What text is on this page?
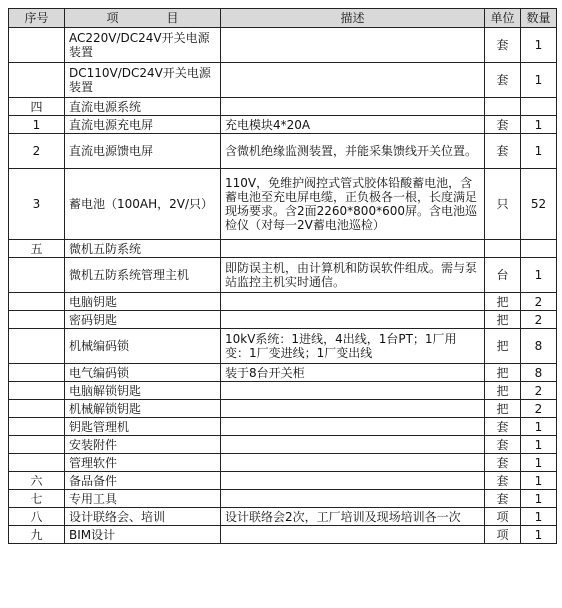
序号	项　　　　目	描述	单位	数量
	AC220V/DC24V开关电源装置		套	1
	DC110V/DC24V开关电源装置		套	1
四	直流电源系统			
1	直流电源充电屏	充电模块4*20A	套	1
2	直流电源馈电屏	含微机绝缘监测装置，并能采集馈线开关位置。	套	1
3	蓄电池（100AH，2V/只）	110V，免维护阀控式管式胶体铅酸蓄电池，含蓄电池至充电屏电缆，正负极各一根，长度满足现场要求。含2面2260*800*600屏。含电池巡检仪（对每一2V蓄电池巡检）	只	52
五	微机五防系统			
	微机五防系统管理主机	即防误主机，由计算机和防误软件组成。需与泵站监控主机实时通信。	台	1
	电脑钥匙		把	2
	密码钥匙		把	2
	机械编码锁	10kV系统：1进线，4出线，1台PT；1厂用变：1厂变进线；1厂变出线	把	8
	电气编码锁	装于8台开关柜	把	8
	电脑解锁钥匙		把	2
	机械解锁钥匙		把	2
	钥匙管理机		套	1
	安装附件		套	1
	管理软件		套	1
六	备品备件		套	1
七	专用工具		套	1
八	设计联络会、培训	设计联络会2次，工厂培训及现场培训各一次	项	1
九	BIM设计		项	1
